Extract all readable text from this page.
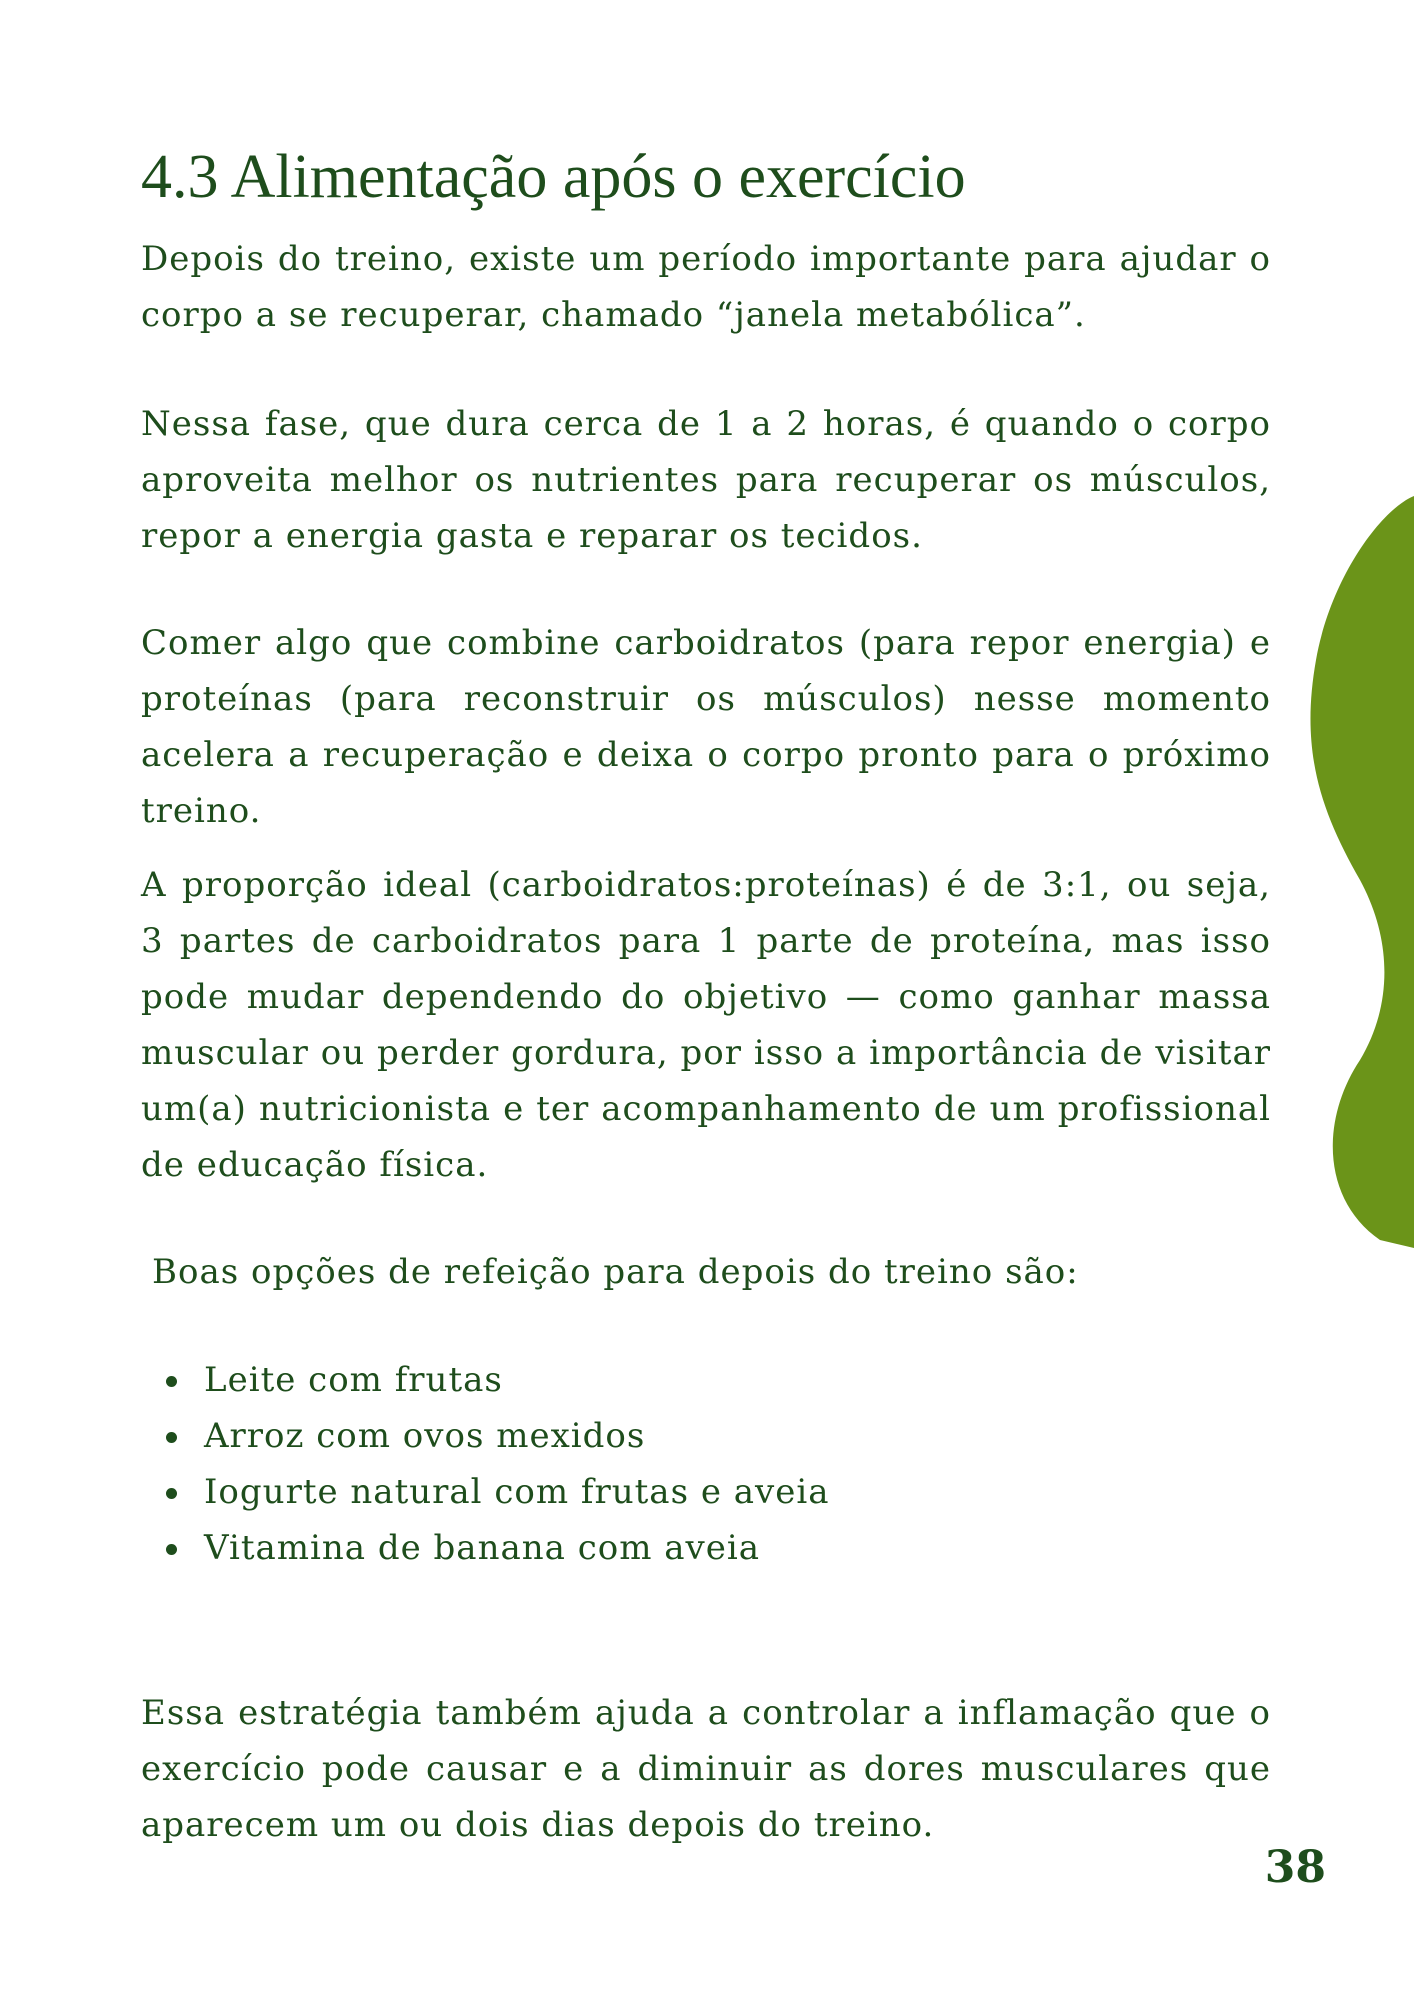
4.3 Alimentação após o exercício

Depois do treino, existe um período importante para ajudar o corpo a se recuperar, chamado “janela metabólica”.

Nessa fase, que dura cerca de 1 a 2 horas, é quando o corpo aproveita melhor os nutrientes para recuperar os músculos, repor a energia gasta e reparar os tecidos.

Comer algo que combine carboidratos (para repor energia) e proteínas (para reconstruir os músculos) nesse momento acelera a recuperação e deixa o corpo pronto para o próximo treino.

A proporção ideal (carboidratos:proteínas) é de 3:1, ou seja, 3 partes de carboidratos para 1 parte de proteína, mas isso pode mudar dependendo do objetivo — como ganhar massa muscular ou perder gordura, por isso a importância de visitar um(a) nutricionista e ter acompanhamento de um profissional de educação física.

Boas opções de refeição para depois do treino são:

Leite com frutas
Arroz com ovos mexidos
Iogurte natural com frutas e aveia
Vitamina de banana com aveia

Essa estratégia também ajuda a controlar a inflamação que o exercício pode causar e a diminuir as dores musculares que aparecem um ou dois dias depois do treino.

38
